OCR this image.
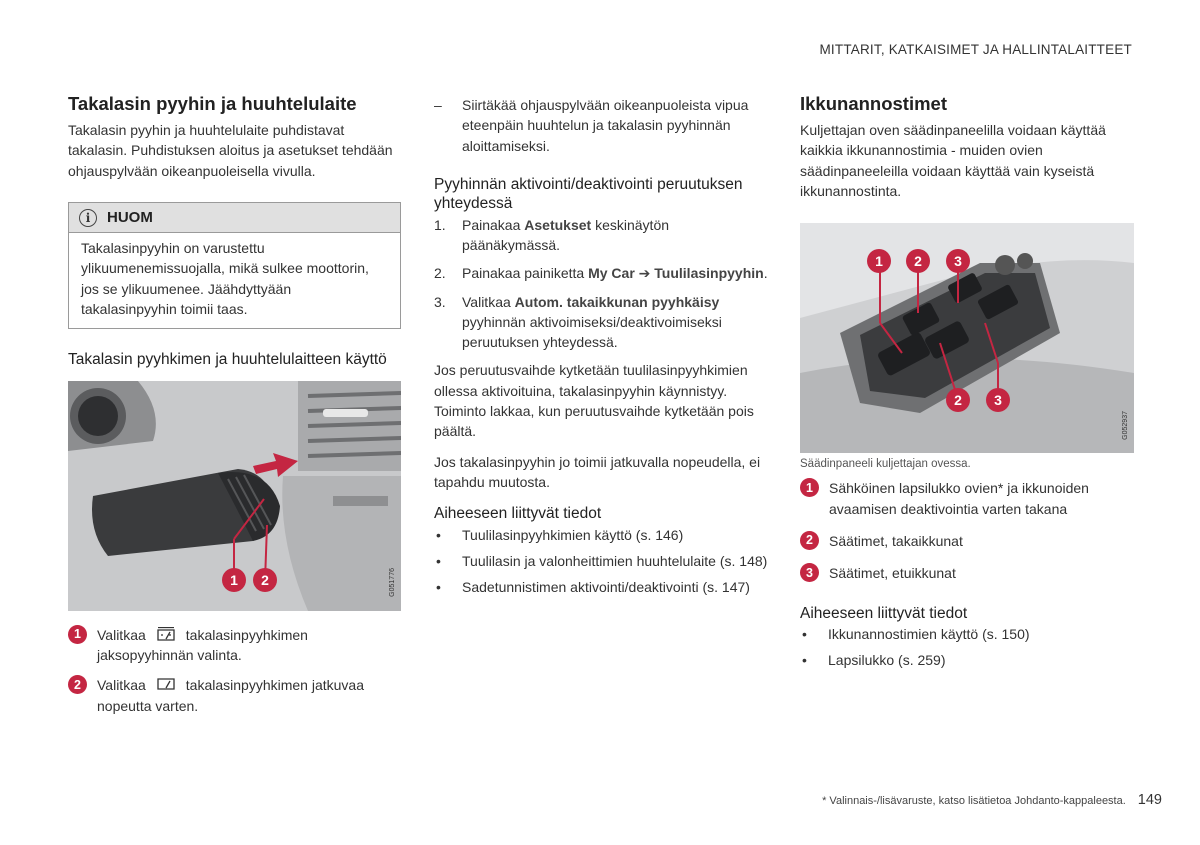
MITTARIT, KATKAISIMET JA HALLINTALAITTEET
Takalasin pyyhin ja huuhtelulaite

Takalasin pyyhin ja huuhtelulaite puhdistavat takalasin. Puhdistuksen aloitus ja asetukset tehdään ohjauspylvään oikeanpuoleisella vivulla.

i	HUOM
Takalasinpyyhin on varustettu ylikuumenemissuojalla, mikä sulkee moottorin, jos se ylikuumenee. Jäähdyttyään takalasinpyyhin toimii taas.
Takalasin pyyhkimen ja huuhtelulaitteen käyttö
1 2	G051776
1	Valitkaa	takalasinpyyhkimen jaksopyyhinnän valinta.
2	Valitkaa	takalasinpyyhkimen jatkuvaa nopeutta varten.
–	Siirtäkää ohjauspylvään oikeanpuoleista vipua eteenpäin huuhtelun ja takalasin pyyhinnän aloittamiseksi.
Pyyhinnän aktivointi/deaktivointi peruutuksen yhteydessä
1.	Painakaa Asetukset keskinäytön päänäkymässä.
2.	Painakaa painiketta My Car ➔ Tuulilasinpyyhin.
3.	Valitkaa Autom. takaikkunan pyyhkäisy pyyhinnän aktivoimiseksi/deaktivoimiseksi peruutuksen yhteydessä.

Jos peruutusvaihde kytketään tuulilasinpyyhkimien ollessa aktivoituina, takalasinpyyhin käynnistyy. Toiminto lakkaa, kun peruutusvaihde kytketään pois päältä.

Jos takalasinpyyhin jo toimii jatkuvalla nopeudella, ei tapahdu muutosta.

Aiheeseen liittyvät tiedot
•	Tuulilasinpyyhkimien käyttö (s. 146)
•	Tuulilasin ja valonheittimien huuhtelulaite (s. 148)
•	Sadetunnistimen aktivointi/deaktivointi (s. 147)
Ikkunannostimet

Kuljettajan oven säädinpaneelilla voidaan käyttää kaikkia ikkunannostimia - muiden ovien säädinpaneeleilla voidaan käyttää vain kyseistä ikkunannostinta.

1 2 3
2 3
G052937
Säädinpaneeli kuljettajan ovessa.
1	Sähköinen lapsilukko ovien* ja ikkunoiden avaamisen deaktivointia varten takana
2	Säätimet, takaikkunat
3	Säätimet, etuikkunat
Aiheeseen liittyvät tiedot
•	Ikkunannostimien käyttö (s. 150)
•	Lapsilukko (s. 259)
* Valinnais-/lisävaruste, katso lisätietoa Johdanto-kappaleesta. 149
